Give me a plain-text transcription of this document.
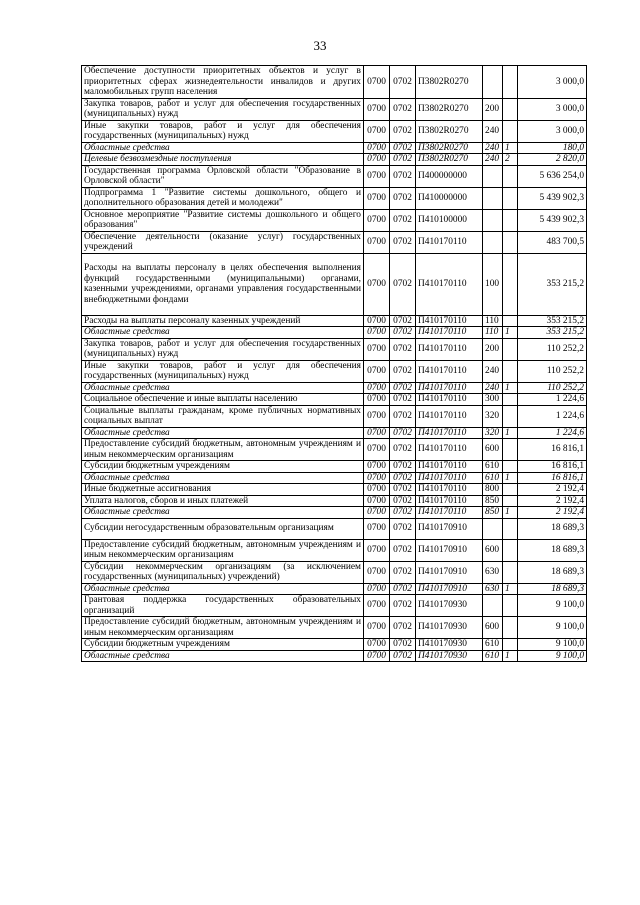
33
Обеспечение доступности приоритетных объектов и услуг в приоритетных сферах жизнедеятельности инвалидов и других маломобильных групп населения	0700	0702	П3802R0270			3 000,0
Закупка товаров, работ и услуг для обеспечения государственных (муниципальных) нужд	0700	0702	П3802R0270	200		3 000,0
Иные закупки товаров, работ и услуг для обеспечения государственных (муниципальных) нужд	0700	0702	П3802R0270	240		3 000,0
Областные средства	0700	0702	П3802R0270	240	1	180,0
Целевые безвозмездные поступления	0700	0702	П3802R0270	240	2	2 820,0
Государственная программа Орловской области "Образование в Орловской области"	0700	0702	П400000000			5 636 254,0
Подпрограмма 1 "Развитие системы дошкольного, общего и дополнительного образования детей и молодежи"	0700	0702	П410000000			5 439 902,3
Основное мероприятие "Развитие системы дошкольного и общего образования"	0700	0702	П410100000			5 439 902,3
Обеспечение деятельности (оказание услуг) государственных учреждений	0700	0702	П410170110			483 700,5
Расходы на выплаты персоналу в целях обеспечения выполнения функций государственными (муниципальными) органами, казенными учреждениями, органами управления государственными внебюджетными фондами	0700	0702	П410170110	100		353 215,2
Расходы на выплаты персоналу казенных учреждений	0700	0702	П410170110	110		353 215,2
Областные средства	0700	0702	П410170110	110	1	353 215,2
Закупка товаров, работ и услуг для обеспечения государственных (муниципальных) нужд	0700	0702	П410170110	200		110 252,2
Иные закупки товаров, работ и услуг для обеспечения государственных (муниципальных) нужд	0700	0702	П410170110	240		110 252,2
Областные средства	0700	0702	П410170110	240	1	110 252,2
Социальное обеспечение и иные выплаты населению	0700	0702	П410170110	300		1 224,6
Социальные выплаты гражданам, кроме публичных нормативных социальных выплат	0700	0702	П410170110	320		1 224,6
Областные средства	0700	0702	П410170110	320	1	1 224,6
Предоставление субсидий бюджетным, автономным учреждениям и иным некоммерческим организациям	0700	0702	П410170110	600		16 816,1
Субсидии бюджетным учреждениям	0700	0702	П410170110	610		16 816,1
Областные средства	0700	0702	П410170110	610	1	16 816,1
Иные бюджетные ассигнования	0700	0702	П410170110	800		2 192,4
Уплата налогов, сборов и иных платежей	0700	0702	П410170110	850		2 192,4
Областные средства	0700	0702	П410170110	850	1	2 192,4
Субсидии негосударственным образовательным организациям	0700	0702	П410170910			18 689,3
Предоставление субсидий бюджетным, автономным учреждениям и иным некоммерческим организациям	0700	0702	П410170910	600		18 689,3
Субсидии некоммерческим организациям (за исключением государственных (муниципальных) учреждений)	0700	0702	П410170910	630		18 689,3
Областные средства	0700	0702	П410170910	630	1	18 689,3
Грантовая поддержка государственных образовательных организаций	0700	0702	П410170930			9 100,0
Предоставление субсидий бюджетным, автономным учреждениям и иным некоммерческим организациям	0700	0702	П410170930	600		9 100,0
Субсидии бюджетным учреждениям	0700	0702	П410170930	610		9 100,0
Областные средства	0700	0702	П410170930	610	1	9 100,0
